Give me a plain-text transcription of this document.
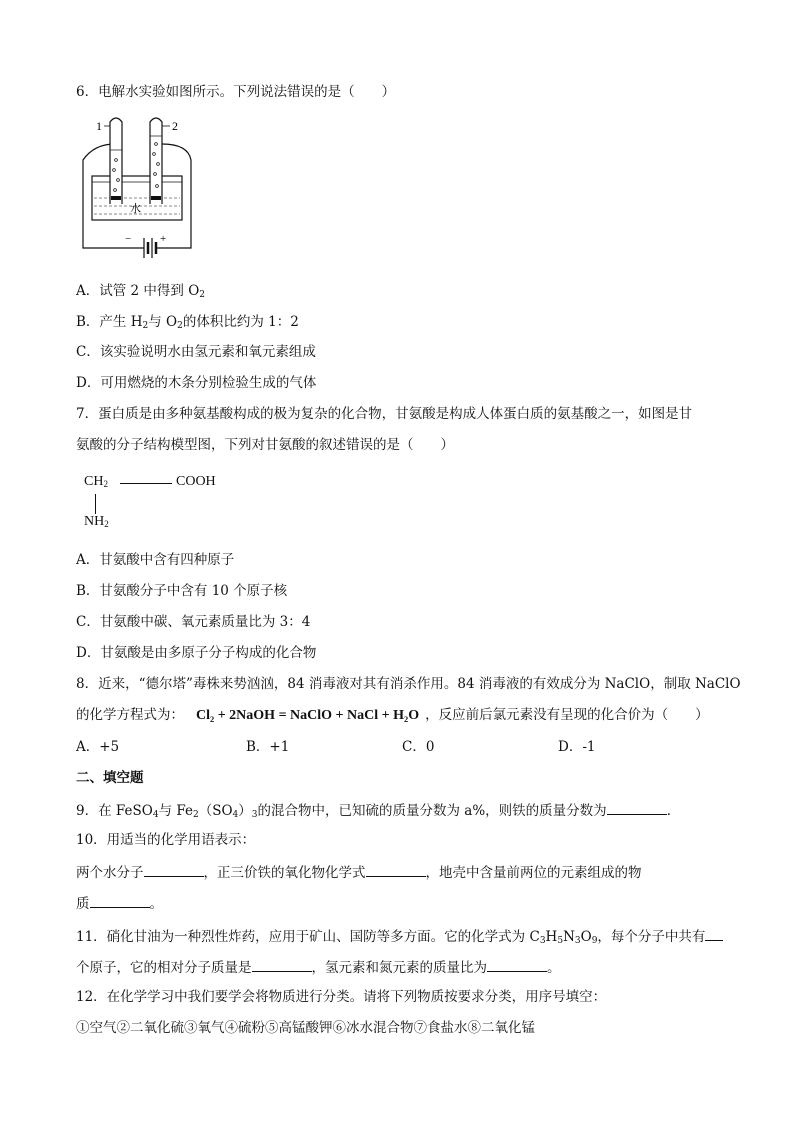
6．电解水实验如图所示。下列说法错误的是（　　）
−	+
水
1	2
A．试管 2 中得到 $O_2$
B．产生 $H_2$与 $O_2$的体积比约为 1：2
C．该实验说明水由氢元素和氧元素组成
D．可用燃烧的木条分别检验生成的气体
7．蛋白质是由多种氨基酸构成的极为复杂的化合物，甘氨酸是构成人体蛋白质的氨基酸之一，如图是甘
氨酸的分子结构模型图，下列对甘氨酸的叙述错误的是（　　）
$CH_2$	COOH
$NH_2$
A．甘氨酸中含有四种原子
B．甘氨酸分子中含有 10 个原子核
C．甘氨酸中碳、氧元素质量比为 3：4
D．甘氨酸是由多原子分子构成的化合物
8．近来，“德尔塔”毒株来势汹汹，84 消毒液对其有消杀作用。84 消毒液的有效成分为 NaClO，制取 NaClO
的化学方程式为： Cl₂ + 2NaOH = NaClO + NaCl + H₂O ，反应前后氯元素没有呈现的化合价为（　　）
A．+5	B．+1	C．0	D．-1
二、填空题
9．在 FeSO$_4$与 $Fe_2(SO_4)_3$的混合物中，已知硫的质量分数为 a%，则铁的质量分数为	．
10．用适当的化学用语表示：
两个水分子	，正三价铁的氧化物化学式	，地壳中含量前两位的元素组成的物
质	。
11．硝化甘油为一种烈性炸药，应用于矿山、国防等多方面。它的化学式为 $C_3H_5N_3O_9$，每个分子中共有
个原子，它的相对分子质量是	，氢元素和氮元素的质量比为	。
12．在化学学习中我们要学会将物质进行分类。请将下列物质按要求分类，用序号填空：
①空气②二氧化硫③氧气④硫粉⑤高锰酸钾⑥冰水混合物⑦食盐水⑧二氧化锰
